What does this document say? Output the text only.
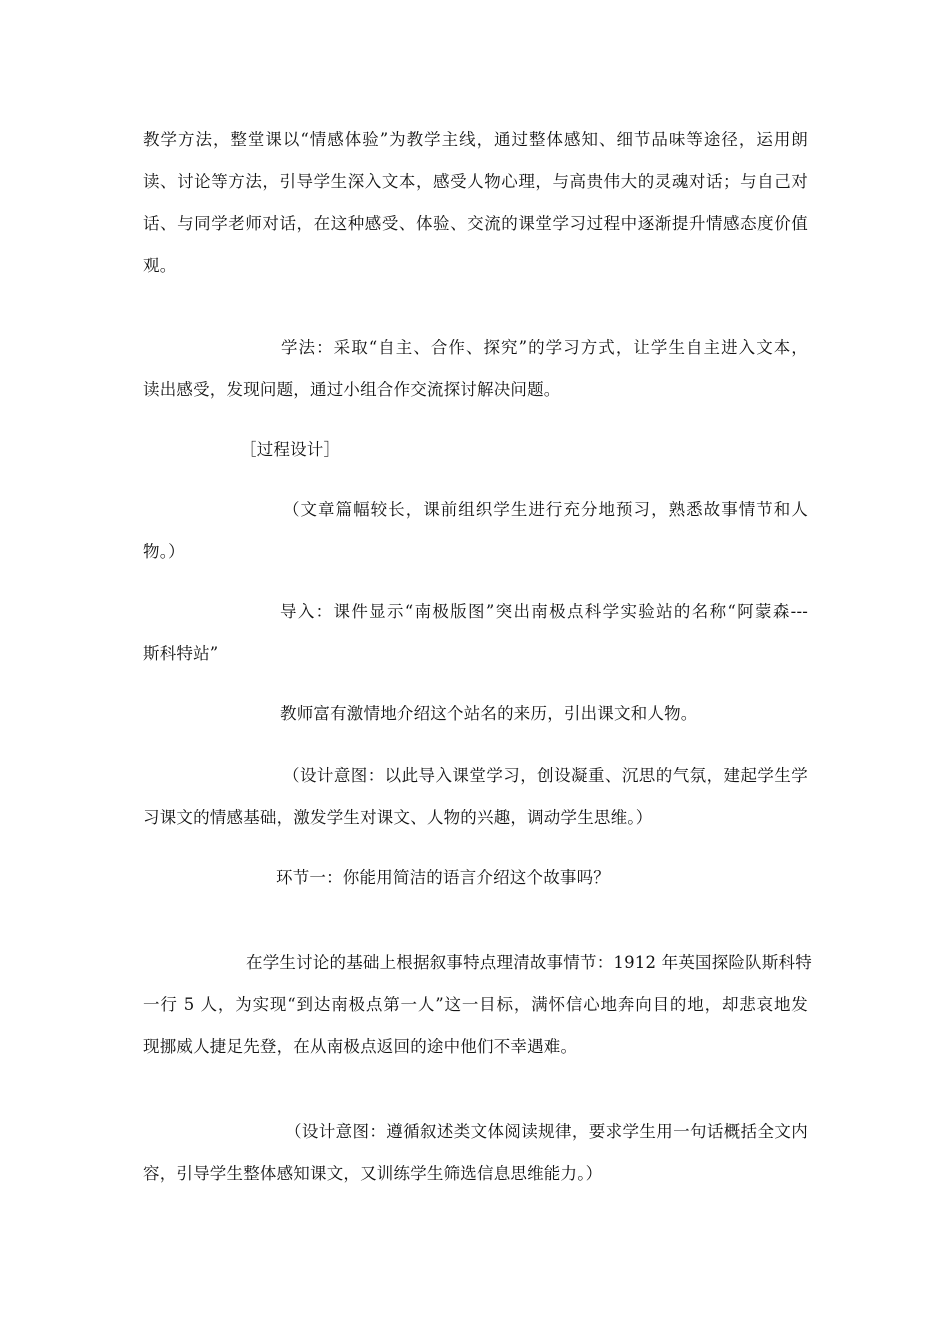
教学方法，整堂课以“情感体验”为教学主线，通过整体感知、细节品味等途径，运用朗
读、讨论等方法，引导学生深入文本，感受人物心理，与高贵伟大的灵魂对话；与自己对
话、与同学老师对话，在这种感受、体验、交流的课堂学习过程中逐渐提升情感态度价值
观。
学法：采取“自主、合作、探究”的学习方式，让学生自主进入文本，
读出感受，发现问题，通过小组合作交流探讨解决问题。
［过程设计］
（文章篇幅较长，课前组织学生进行充分地预习，熟悉故事情节和人
物。）
导入：课件显示“南极版图”突出南极点科学实验站的名称“阿蒙森---
斯科特站”
教师富有激情地介绍这个站名的来历，引出课文和人物。
（设计意图：以此导入课堂学习，创设凝重、沉思的气氛，建起学生学
习课文的情感基础，激发学生对课文、人物的兴趣，调动学生思维。）
环节一：你能用简洁的语言介绍这个故事吗？
在学生讨论的基础上根据叙事特点理清故事情节：1912 年英国探险队斯科特
一行 5 人，为实现“到达南极点第一人”这一目标，满怀信心地奔向目的地，却悲哀地发
现挪威人捷足先登，在从南极点返回的途中他们不幸遇难。
（设计意图：遵循叙述类文体阅读规律，要求学生用一句话概括全文内
容，引导学生整体感知课文，又训练学生筛选信息思维能力。）
